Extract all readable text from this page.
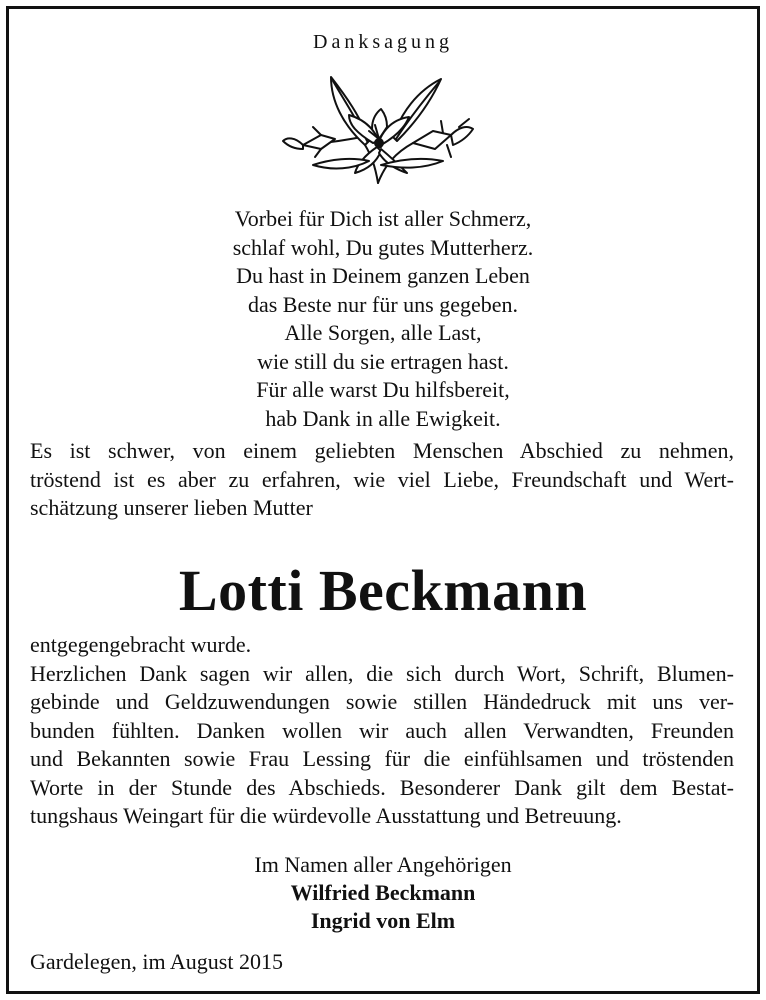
Danksagung
Vorbei für Dich ist aller Schmerz,
schlaf wohl, Du gutes Mutterherz.
Du hast in Deinem ganzen Leben
das Beste nur für uns gegeben.
Alle Sorgen, alle Last,
wie still du sie ertragen hast.
Für alle warst Du hilfsbereit,
hab Dank in alle Ewigkeit.
Es ist schwer, von einem geliebten Menschen Abschied zu nehmen,
tröstend ist es aber zu erfahren, wie viel Liebe, Freundschaft und Wert-
schätzung unserer lieben Mutter
Lotti Beckmann
entgegengebracht wurde.
Herzlichen Dank sagen wir allen, die sich durch Wort, Schrift, Blumen-
gebinde und Geldzuwendungen sowie stillen Händedruck mit uns ver-
bunden fühlten. Danken wollen wir auch allen Verwandten, Freunden
und Bekannten sowie Frau Lessing für die einfühlsamen und tröstenden
Worte in der Stunde des Abschieds. Besonderer Dank gilt dem Bestat-
tungshaus Weingart für die würdevolle Ausstattung und Betreuung.
Im Namen aller Angehörigen
Wilfried Beckmann
Ingrid von Elm
Gardelegen, im August 2015
